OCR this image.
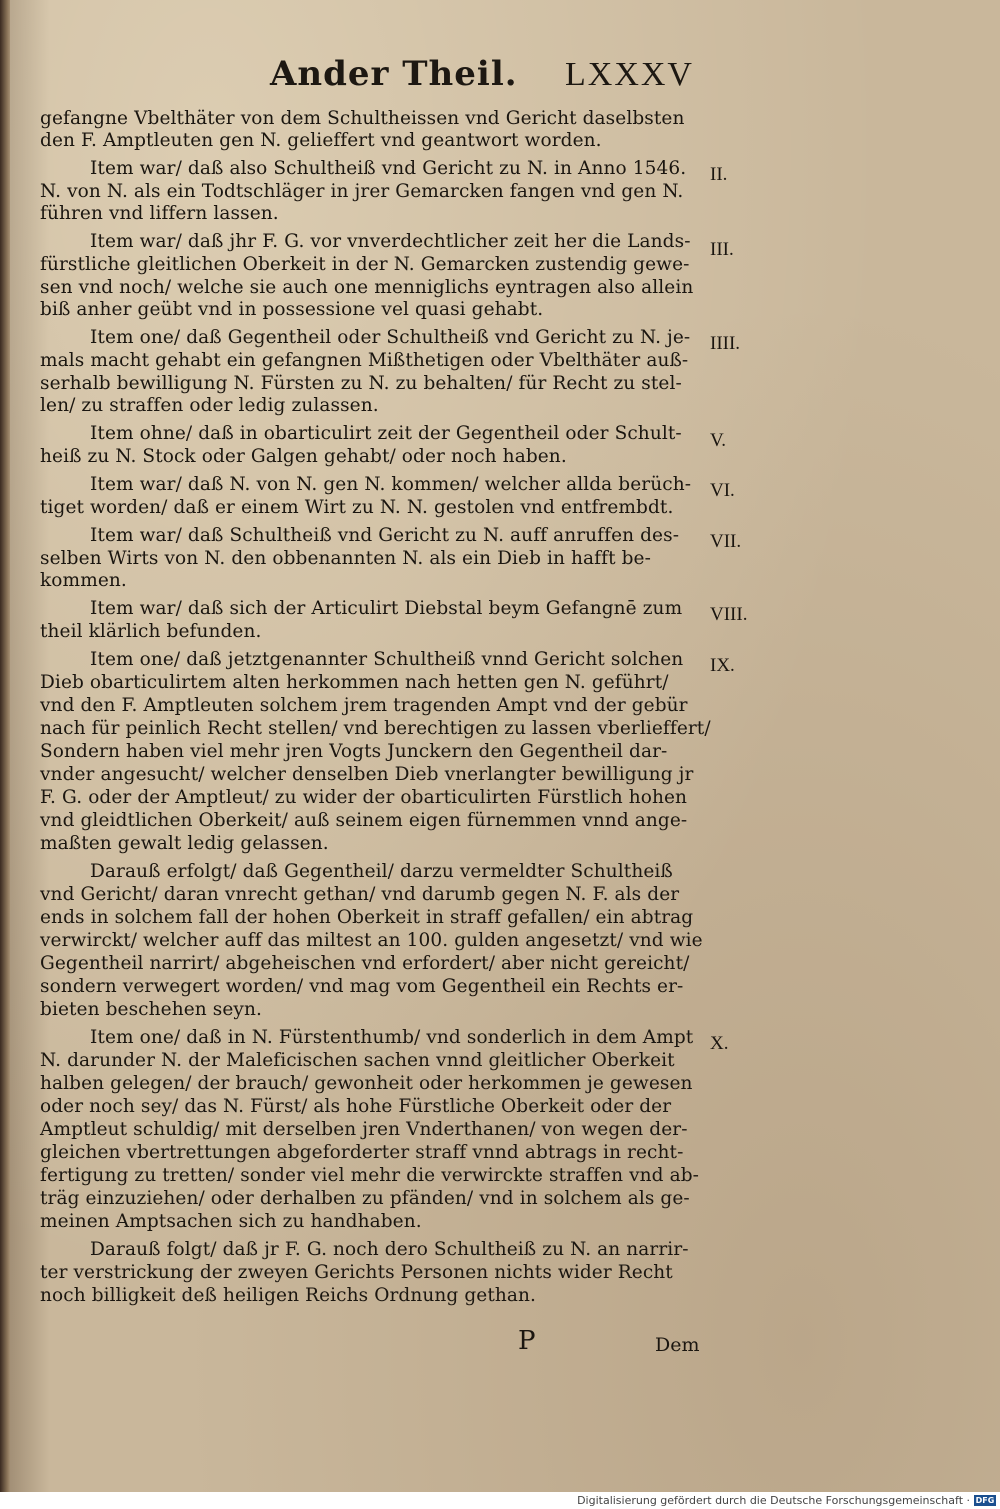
Ander Theil. LXXXV
gefangne Vbelthäter von dem Schultheissen vnd Gericht daselbsten
den F. Amptleuten gen N. gelieffert vnd geantwort worden.
Item war/ daß also Schultheiß vnd Gericht zu N. in Anno 1546.
N. von N. als ein Todtschläger in jrer Gemarcken fangen vnd gen N.
führen vnd liffern lassen.
Item war/ daß jhr F. G. vor vnverdechtlicher zeit her die Lands-
fürstliche gleitlichen Oberkeit in der N. Gemarcken zustendig gewe-
sen vnd noch/ welche sie auch one menniglichs eyntragen also allein
biß anher geübt vnd in possessione vel quasi gehabt.
Item one/ daß Gegentheil oder Schultheiß vnd Gericht zu N. je-
mals macht gehabt ein gefangnen Mißthetigen oder Vbelthäter auß-
serhalb bewilligung N. Fürsten zu N. zu behalten/ für Recht zu stel-
len/ zu straffen oder ledig zulassen.
Item ohne/ daß in obarticulirt zeit der Gegentheil oder Schult-
heiß zu N. Stock oder Galgen gehabt/ oder noch haben.
Item war/ daß N. von N. gen N. kommen/ welcher allda berüch-
tiget worden/ daß er einem Wirt zu N. N. gestolen vnd entfrembdt.
Item war/ daß Schultheiß vnd Gericht zu N. auff anruffen des-
selben Wirts von N. den obbenannten N. als ein Dieb in hafft be-
kommen.
Item war/ daß sich der Articulirt Diebstal beym Gefangnē zum
theil klärlich befunden.
Item one/ daß jetztgenannter Schultheiß vnnd Gericht solchen
Dieb obarticulirtem alten herkommen nach hetten gen N. geführt/
vnd den F. Amptleuten solchem jrem tragenden Ampt vnd der gebür
nach für peinlich Recht stellen/ vnd berechtigen zu lassen vberlieffert/
Sondern haben viel mehr jren Vogts Junckern den Gegentheil dar-
vnder angesucht/ welcher denselben Dieb vnerlangter bewilligung jr
F. G. oder der Amptleut/ zu wider der obarticulirten Fürstlich hohen
vnd gleidtlichen Oberkeit/ auß seinem eigen fürnemmen vnnd ange-
maßten gewalt ledig gelassen.
Darauß erfolgt/ daß Gegentheil/ darzu vermeldter Schultheiß
vnd Gericht/ daran vnrecht gethan/ vnd darumb gegen N. F. als der
ends in solchem fall der hohen Oberkeit in straff gefallen/ ein abtrag
verwirckt/ welcher auff das miltest an 100. gulden angesetzt/ vnd wie
Gegentheil narrirt/ abgeheischen vnd erfordert/ aber nicht gereicht/
sondern verwegert worden/ vnd mag vom Gegentheil ein Rechts er-
bieten beschehen seyn.
Item one/ daß in N. Fürstenthumb/ vnd sonderlich in dem Ampt
N. darunder N. der Maleficischen sachen vnnd gleitlicher Oberkeit
halben gelegen/ der brauch/ gewonheit oder herkommen je gewesen
oder noch sey/ das N. Fürst/ als hohe Fürstliche Oberkeit oder der
Amptleut schuldig/ mit derselben jren Vnderthanen/ von wegen der-
gleichen vbertrettungen abgeforderter straff vnnd abtrags in recht-
fertigung zu tretten/ sonder viel mehr die verwirckte straffen vnd ab-
träg einzuziehen/ oder derhalben zu pfänden/ vnd in solchem als ge-
meinen Amptsachen sich zu handhaben.
Darauß folgt/ daß jr F. G. noch dero Schultheiß zu N. an narrir-
ter verstrickung der zweyen Gerichts Personen nichts wider Recht
noch billigkeit deß heiligen Reichs Ordnung gethan.
P	Dem
II.
III.
IIII.
V.
VI.
VII.
VIII.
IX.
X.
Digitalisierung gefördert durch die Deutsche Forschungsgemeinschaft · DFG
